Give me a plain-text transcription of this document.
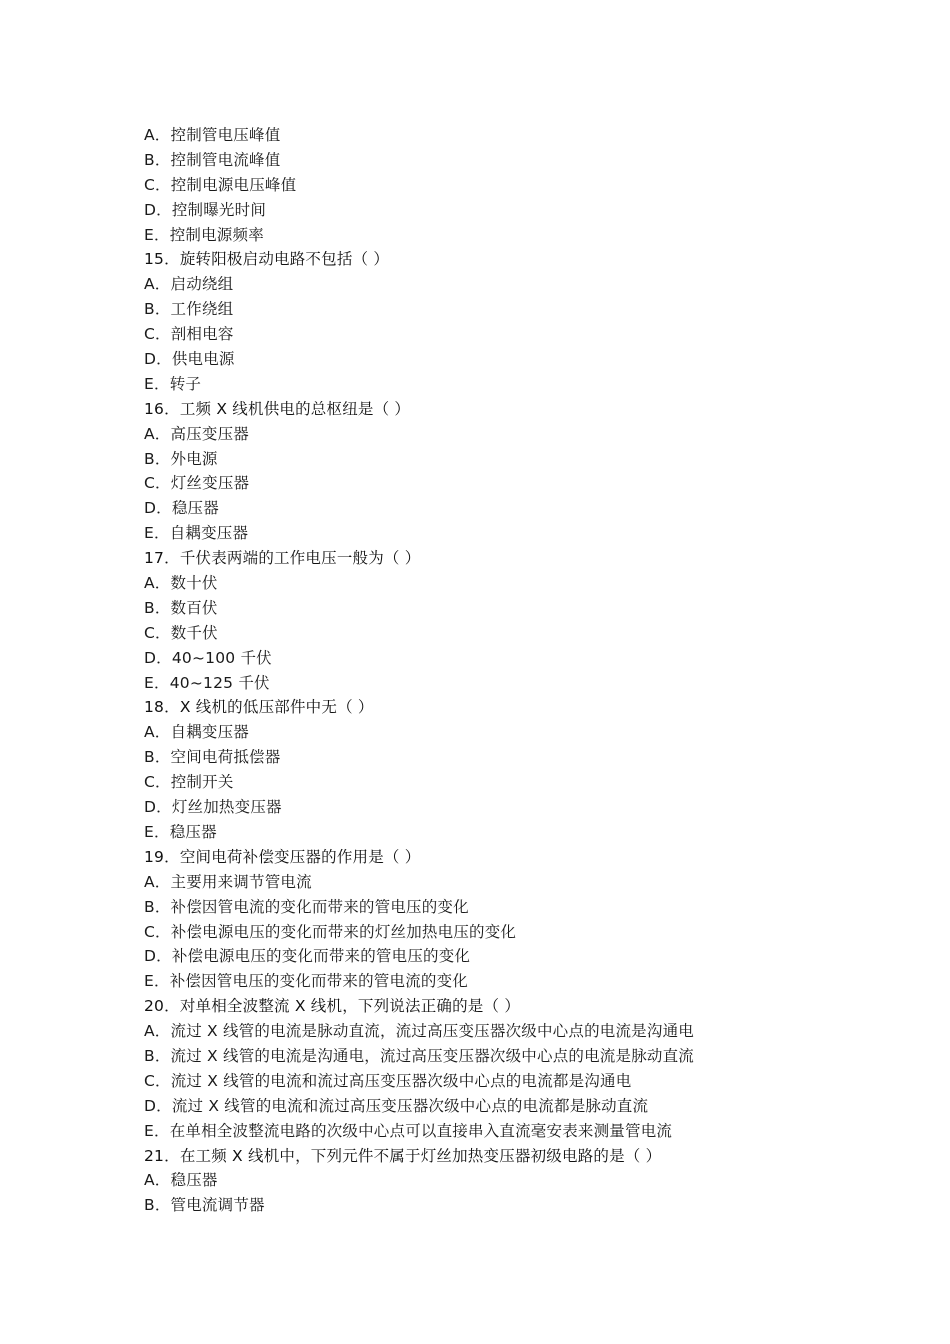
A．控制管电压峰值
B．控制管电流峰值
C．控制电源电压峰值
D．控制曝光时间
E．控制电源频率
15．旋转阳极启动电路不包括（ ）
A．启动绕组
B．工作绕组
C．剖相电容
D．供电电源
E．转子
16．工频 X 线机供电的总枢纽是（ ）
A．高压变压器
B．外电源
C．灯丝变压器
D．稳压器
E．自耦变压器
17．千伏表两端的工作电压一般为（ ）
A．数十伏
B．数百伏
C．数千伏
D．40~100 千伏
E．40~125 千伏
18．X 线机的低压部件中无（ ）
A．自耦变压器
B．空间电荷抵偿器
C．控制开关
D．灯丝加热变压器
E．稳压器
19．空间电荷补偿变压器的作用是（ ）
A．主要用来调节管电流
B．补偿因管电流的变化而带来的管电压的变化
C．补偿电源电压的变化而带来的灯丝加热电压的变化
D．补偿电源电压的变化而带来的管电压的变化
E．补偿因管电压的变化而带来的管电流的变化
20．对单相全波整流 X 线机，下列说法正确的是（ ）
A．流过 X 线管的电流是脉动直流，流过高压变压器次级中心点的电流是沟通电
B．流过 X 线管的电流是沟通电，流过高压变压器次级中心点的电流是脉动直流
C．流过 X 线管的电流和流过高压变压器次级中心点的电流都是沟通电
D．流过 X 线管的电流和流过高压变压器次级中心点的电流都是脉动直流
E．在单相全波整流电路的次级中心点可以直接串入直流毫安表来测量管电流
21．在工频 X 线机中，下列元件不属于灯丝加热变压器初级电路的是（ ）
A．稳压器
B．管电流调节器
